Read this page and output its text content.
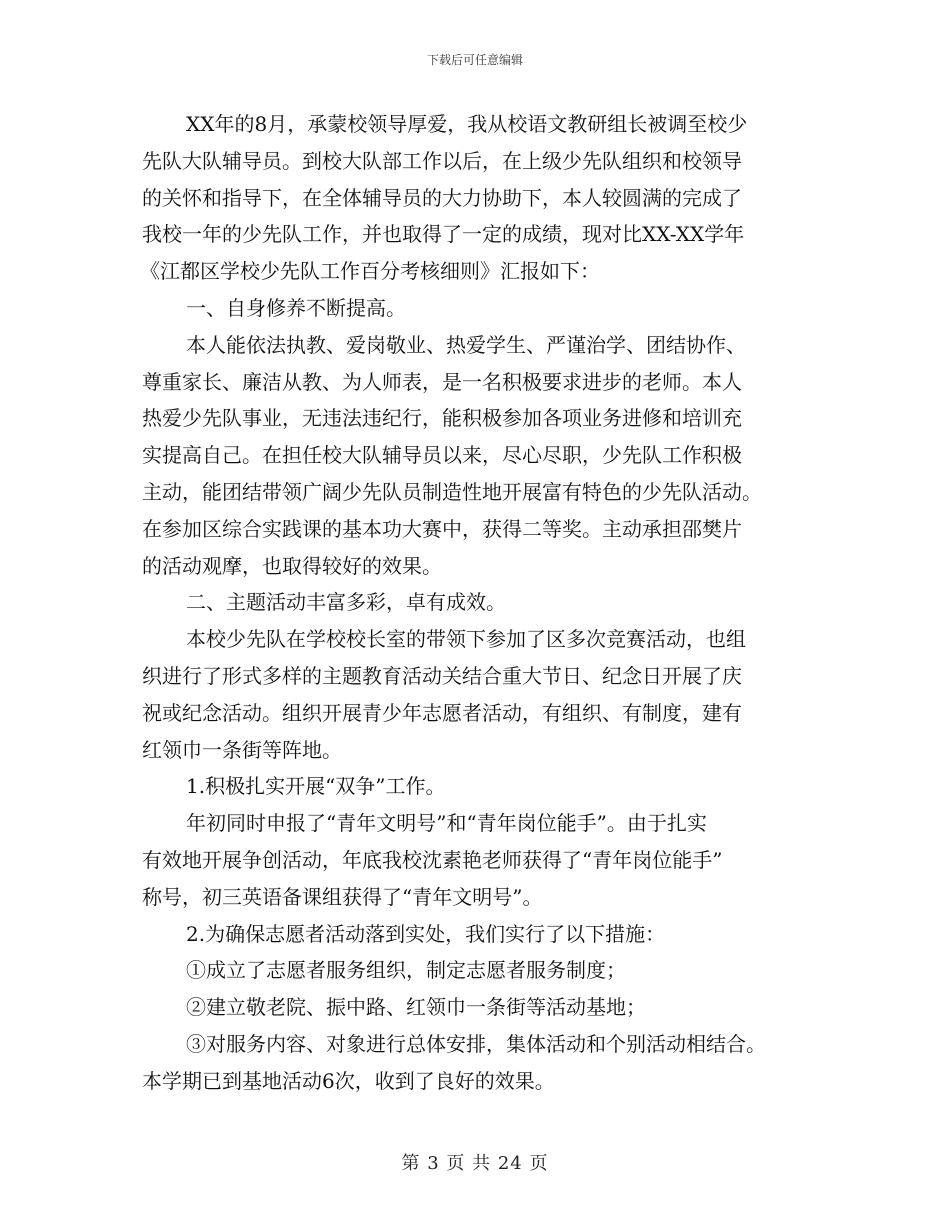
下载后可任意编辑
XX年的8月，承蒙校领导厚爱，我从校语文教研组长被调至校少
先队大队辅导员。到校大队部工作以后，在上级少先队组织和校领导
的关怀和指导下，在全体辅导员的大力协助下，本人较圆满的完成了
我校一年的少先队工作，并也取得了一定的成绩，现对比XX-XX学年
《江都区学校少先队工作百分考核细则》汇报如下：
一、自身修养不断提高。
本人能依法执教、爱岗敬业、热爱学生、严谨治学、团结协作、
尊重家长、廉洁从教、为人师表，是一名积极要求进步的老师。本人
热爱少先队事业，无违法违纪行，能积极参加各项业务进修和培训充
实提高自己。在担任校大队辅导员以来，尽心尽职，少先队工作积极
主动，能团结带领广阔少先队员制造性地开展富有特色的少先队活动。
在参加区综合实践课的基本功大赛中，获得二等奖。主动承担邵樊片
的活动观摩，也取得较好的效果。
二、主题活动丰富多彩，卓有成效。
本校少先队在学校校长室的带领下参加了区多次竞赛活动，也组
织进行了形式多样的主题教育活动关结合重大节日、纪念日开展了庆
祝或纪念活动。组织开展青少年志愿者活动，有组织、有制度，建有
红领巾一条街等阵地。
1.积极扎实开展“双争”工作。
年初同时申报了“青年文明号”和“青年岗位能手”。由于扎实
有效地开展争创活动，年底我校沈素艳老师获得了“青年岗位能手”
称号，初三英语备课组获得了“青年文明号”。
2.为确保志愿者活动落到实处，我们实行了以下措施：
①成立了志愿者服务组织，制定志愿者服务制度；
②建立敬老院、振中路、红领巾一条街等活动基地；
③对服务内容、对象进行总体安排，集体活动和个别活动相结合。
本学期已到基地活动6次，收到了良好的效果。
第 3 页 共 24 页
